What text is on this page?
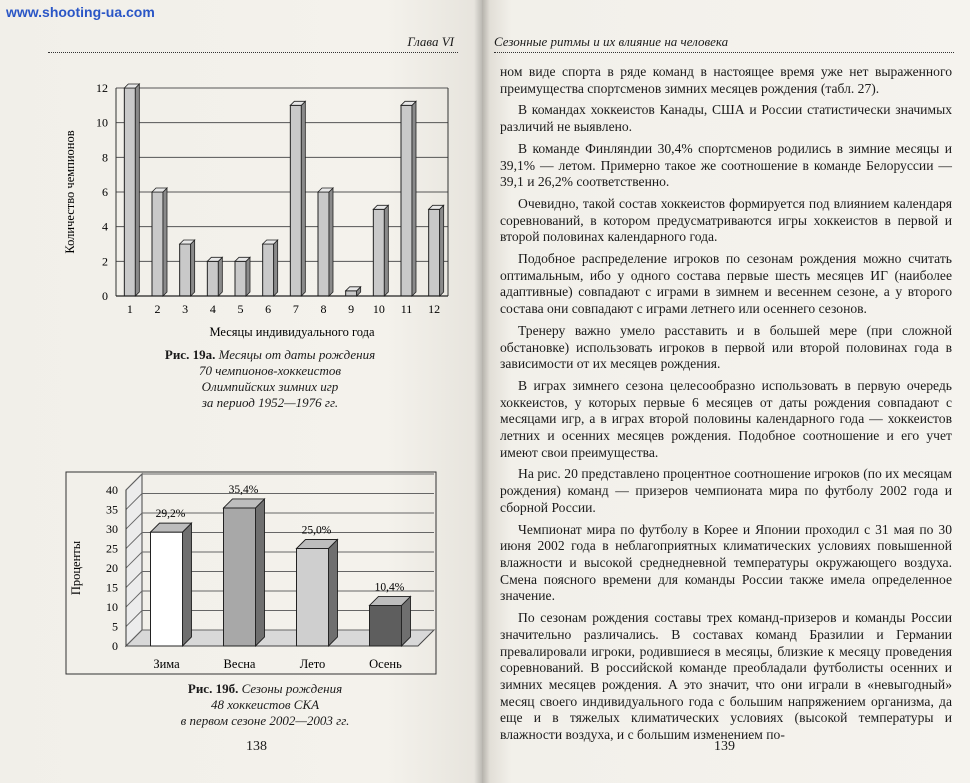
Глава VI
0
2
4
6
8
10
12
1 2 3 4 5 6 7 8 9 10 11 12
Месяцы индивидуального года
Количество чемпионов
Рис. 19а. Месяцы от даты рождения
70 чемпионов-хоккеистов
Олимпийских зимних игр
за период 1952—1976 гг.
0
5
10
15
20
25
30
35
40
29,2%
Зима
35,4%
Весна
25,0%
Лето
10,4%
Осень
Проценты
Рис. 19б. Сезоны рождения
48 хоккеистов СКА
в первом сезоне 2002—2003 гг.
138
Сезонные ритмы и их влияние на человека

ном виде спорта в ряде команд в настоящее время уже нет выраженного преимущества спортсменов зимних месяцев рождения (табл. 27).

В командах хоккеистов Канады, США и России статистически значимых различий не выявлено.

В команде Финляндии 30,4% спортсменов родились в зимние месяцы и 39,1% — летом. Примерно такое же соотношение в команде Белоруссии — 39,1 и 26,2% соответственно.

Очевидно, такой состав хоккеистов формируется под влиянием календаря соревнований, в котором предусматриваются игры хоккеистов в первой и второй половинах календарного года.

Подобное распределение игроков по сезонам рождения можно считать оптимальным, ибо у одного состава первые шесть месяцев ИГ (наиболее адаптивные) совпадают с играми в зимнем и весеннем сезоне, а у второго состава они совпадают с играми летнего или осеннего сезонов.

Тренеру важно умело расставить и в большей мере (при сложной обстановке) использовать игроков в первой или второй половинах года в зависимости от их месяцев рождения.

В играх зимнего сезона целесообразно использовать в первую очередь хоккеистов, у которых первые 6 месяцев от даты рождения совпадают с месяцами игр, а в играх второй половины календарного года — хоккеистов летних и осенних месяцев рождения. Подобное соотношение и его учет имеют свои преимущества.

На рис. 20 представлено процентное соотношение игроков (по их месяцам рождения) команд — призеров чемпионата мира по футболу 2002 года и сборной России.

Чемпионат мира по футболу в Корее и Японии проходил с 31 мая по 30 июня 2002 года в неблагоприятных климатических условиях повышенной влажности и высокой среднедневной температуры окружающего воздуха. Смена поясного времени для команды России также имела определенное значение.

По сезонам рождения составы трех команд-призеров и команды России значительно различались. В составах команд Бразилии и Германии превалировали игроки, родившиеся в месяцы, близкие к месяцу проведения соревнований. В российской команде преобладали футболисты осенних и зимних месяцев рождения. А это значит, что они играли в «невыгодный» месяц своего индивидуального года с большим напряжением организма, да еще и в тяжелых климатических условиях (высокой температуры и влажности воздуха, и с большим изменением по-

139
www.shooting-ua.com
